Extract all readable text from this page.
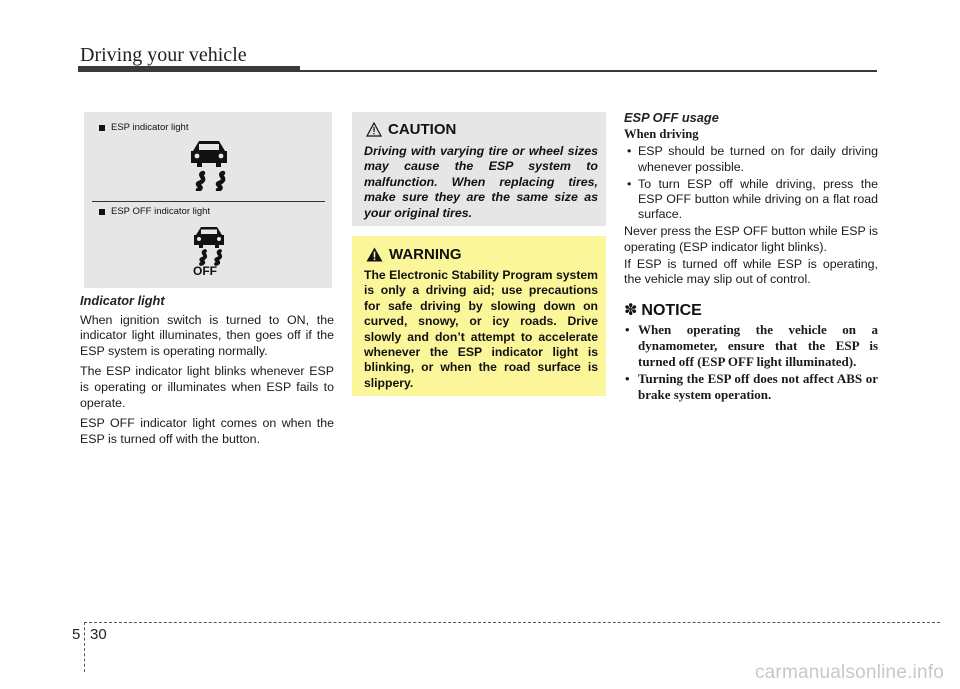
Driving your vehicle
ESP indicator light
ESP OFF indicator light
OFF

Indicator light

When ignition switch is turned to ON, the indicator light illuminates, then goes off if the ESP system is operating normally.

The ESP indicator light blinks whenever ESP is operating or illuminates when ESP fails to operate.

ESP OFF indicator light comes on when the ESP is turned off with the button.

CAUTION
Driving with varying tire or wheel sizes may cause the ESP system to malfunction. When replacing tires, make sure they are the same size as your original tires.
WARNING
The Electronic Stability Program system is only a driving aid; use precautions for safe driving by slowing down on curved, snowy, or icy roads. Drive slowly and don’t attempt to accelerate whenever the ESP indicator light is blinking, or when the road surface is slippery.

ESP OFF usage

When driving

• ESP should be turned on for daily driving whenever possible.
• To turn ESP off while driving, press the ESP OFF button while driving on a flat road surface.

Never press the ESP OFF button while ESP is operating (ESP indicator light blinks).

If ESP is turned off while ESP is operating, the vehicle may slip out of control.

✽ NOTICE
• When operating the vehicle on a dynamometer, ensure that the ESP is turned off (ESP OFF light illuminated).
• Turning the ESP off does not affect ABS or brake system operation.
5 30
carmanualsonline.info
